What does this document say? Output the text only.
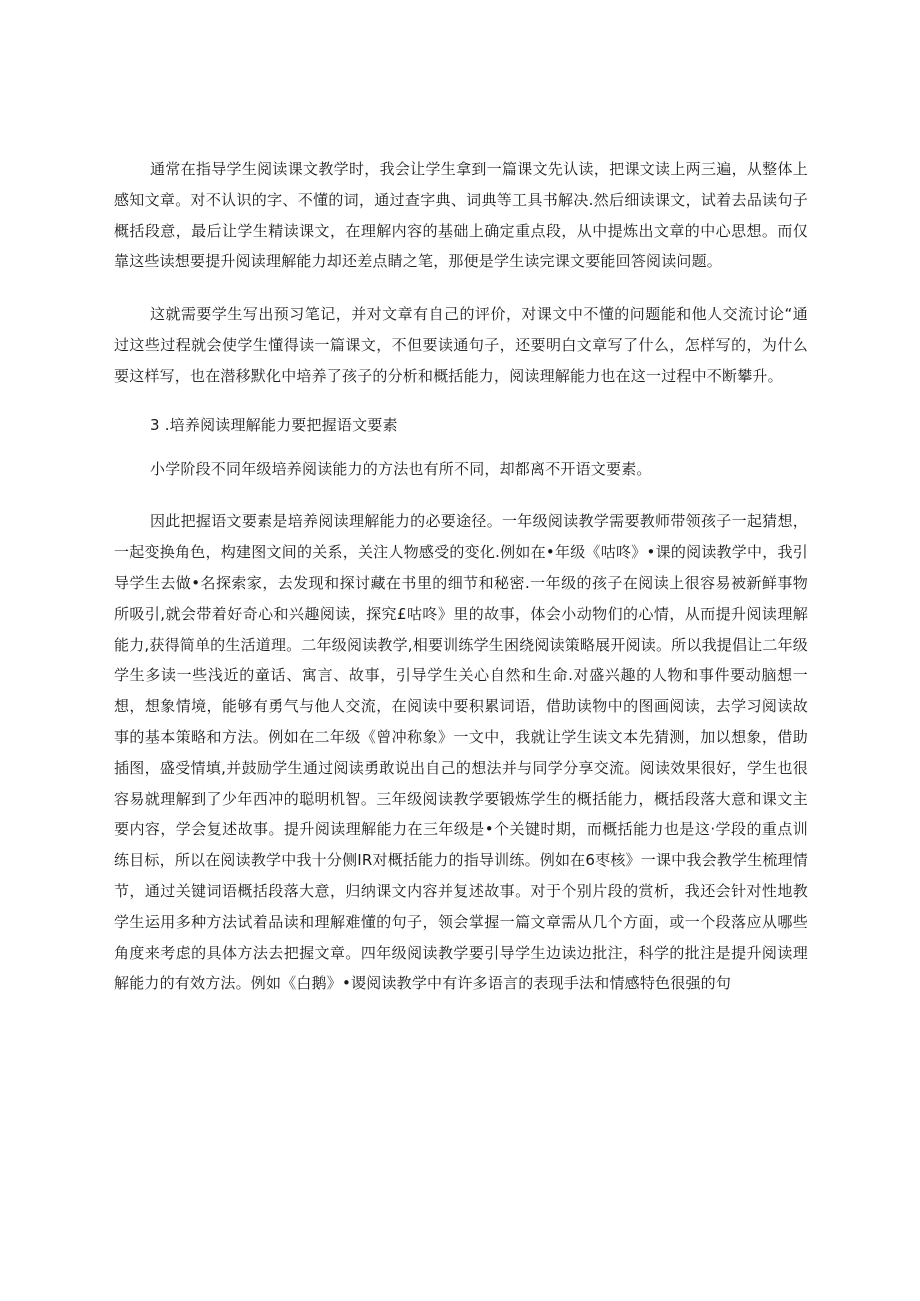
通常在指导学生阅读课文教学时，我会让学生拿到一篇课文先认读，把课文读上两三遍，从整体上感知文章。对不认识的字、不懂的词，通过查字典、词典等工具书解决.然后细读课文，试着去品读句子概括段意，最后让学生精读课文，在理解内容的基础上确定重点段，从中提炼出文章的中心思想。而仅靠这些读想要提升阅读理解能力却还差点睛之笔，那便是学生读完课文要能回答阅读问题。

这就需要学生写出预习笔记，并对文章有自己的评价，对课文中不懂的问题能和他人交流讨论“通过这些过程就会使学生懂得读一篇课文，不但要读通句子，还要明白文章写了什么，怎样写的，为什么要这样写，也在潜移默化中培养了孩子的分析和概括能力，阅读理解能力也在这一过程中不断攀升。

3 .培养阅读理解能力要把握语文要素

小学阶段不同年级培养阅读能力的方法也有所不同，却都离不开语文要素。

因此把握语文要素是培养阅读理解能力的必要途径。一年级阅读教学需要教师带领孩子一起猜想，一起变换角色，构建图文间的关系，关注人物感受的变化.例如在•年级《咕咚》•课的阅读教学中，我引导学生去做•名探索家，去发现和探讨藏在书里的细节和秘密.一年级的孩子在阅读上很容易被新鲜事物所吸引,就会带着好奇心和兴趣阅读，探究£咕咚》里的故事，体会小动物们的心情，从而提升阅读理解能力,获得简单的生活道理。二年级阅读教学,相要训练学生困绕阅读策略展开阅读。所以我提倡让二年级学生多读一些浅近的童话、寓言、故事，引导学生关心自然和生命.对盛兴趣的人物和事件要动脑想一想，想象情境，能够有勇气与他人交流，在阅读中要积累词语，借助读物中的图画阅读，去学习阅读故事的基本策略和方法。例如在二年级《曾冲称象》一文中，我就让学生读文本先猜测，加以想象，借助插图，盛受情填,并鼓励学生通过阅读勇敢说出自己的想法并与同学分享交流。阅读效果很好，学生也很容易就理解到了少年西冲的聪明机智。三年级阅读教学要锻炼学生的概括能力，概括段落大意和课文主要内容，学会复述故事。提升阅读理解能力在三年级是•个关键时期，而概括能力也是这·学段的重点训练目标，所以在阅读教学中我十分侧IR对概括能力的指导训练。例如在6枣核》一课中我会教学生梳理情节，通过关键词语概括段落大意，归纳课文内容并复述故事。对于个别片段的赏析，我还会针对性地教学生运用多种方法试着品读和理解难懂的句子，领会掌握一篇文章需从几个方面，或一个段落应从哪些角度来考虑的具体方法去把握文章。四年级阅读教学要引导学生边读边批注，科学的批注是提升阅读理解能力的有效方法。例如《白鹅》•谡阅读教学中有许多语言的表现手法和情感特色很强的句
